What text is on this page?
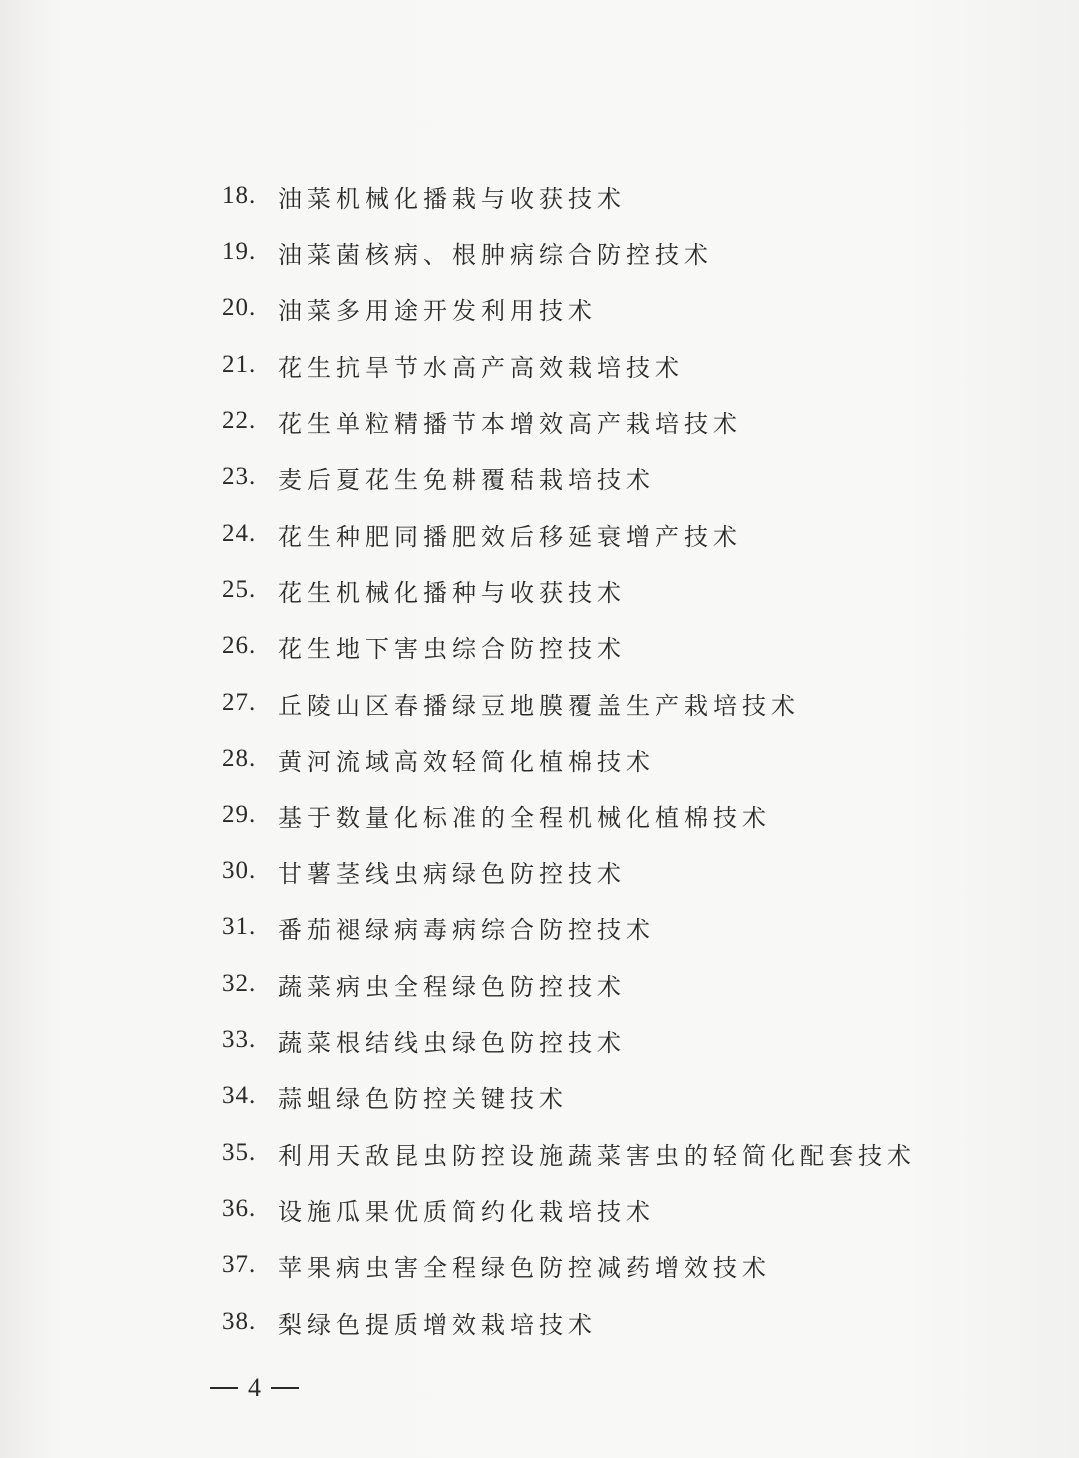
18. 油菜机械化播栽与收获技术
19. 油菜菌核病、根肿病综合防控技术
20. 油菜多用途开发利用技术
21. 花生抗旱节水高产高效栽培技术
22. 花生单粒精播节本增效高产栽培技术
23. 麦后夏花生免耕覆秸栽培技术
24. 花生种肥同播肥效后移延衰增产技术
25. 花生机械化播种与收获技术
26. 花生地下害虫综合防控技术
27. 丘陵山区春播绿豆地膜覆盖生产栽培技术
28. 黄河流域高效轻简化植棉技术
29. 基于数量化标准的全程机械化植棉技术
30. 甘薯茎线虫病绿色防控技术
31. 番茄褪绿病毒病综合防控技术
32. 蔬菜病虫全程绿色防控技术
33. 蔬菜根结线虫绿色防控技术
34. 蒜蛆绿色防控关键技术
35. 利用天敌昆虫防控设施蔬菜害虫的轻简化配套技术
36. 设施瓜果优质简约化栽培技术
37. 苹果病虫害全程绿色防控减药增效技术
38. 梨绿色提质增效栽培技术
4
